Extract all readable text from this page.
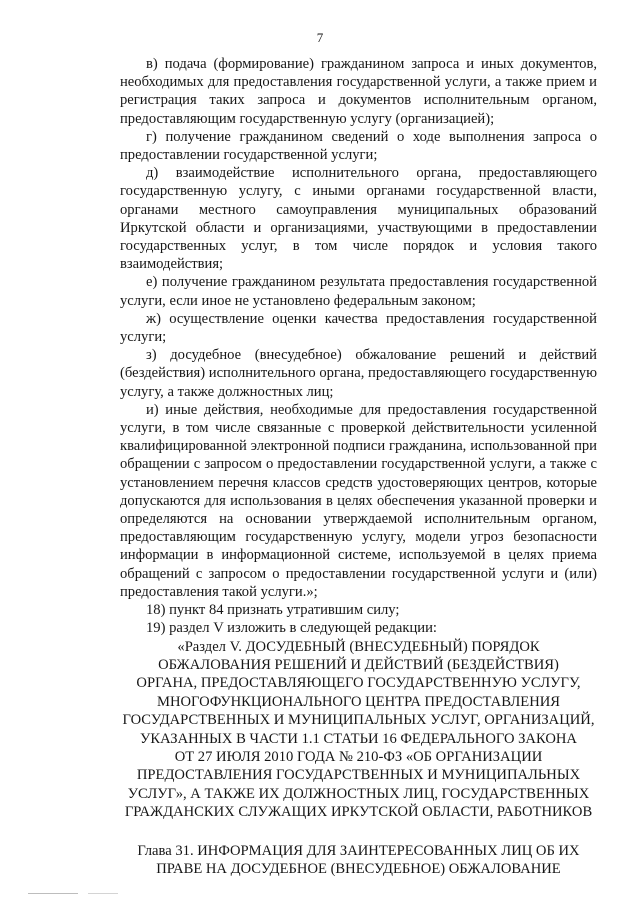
7

в) подача (формирование) гражданином запроса и иных документов, необходимых для предоставления государственной услуги, а также прием и регистрация таких запроса и документов исполнительным органом, предоставляющим государственную услугу (организацией);

г) получение гражданином сведений о ходе выполнения запроса о предоставлении государственной услуги;

д) взаимодействие исполнительного органа, предоставляющего государственную услугу, с иными органами государственной власти, органами местного самоуправления муниципальных образований Иркутской области и организациями, участвующими в предоставлении государственных услуг, в том числе порядок и условия такого взаимодействия;

е) получение гражданином результата предоставления государственной услуги, если иное не установлено федеральным законом;

ж) осуществление оценки качества предоставления государственной услуги;

з) досудебное (внесудебное) обжалование решений и действий (бездействия) исполнительного органа, предоставляющего государственную услугу, а также должностных лиц;

и) иные действия, необходимые для предоставления государственной услуги, в том числе связанные с проверкой действительности усиленной квалифицированной электронной подписи гражданина, использованной при обращении с запросом о предоставлении государственной услуги, а также с установлением перечня классов средств удостоверяющих центров, которые допускаются для использования в целях обеспечения указанной проверки и определяются на основании утверждаемой исполнительным органом, предоставляющим государственную услугу, модели угроз безопасности информации в информационной системе, используемой в целях приема обращений с запросом о предоставлении государственной услуги и (или) предоставления такой услуги.»;

18) пункт 84 признать утратившим силу;

19) раздел V изложить в следующей редакции:

«Раздел V. ДОСУДЕБНЫЙ (ВНЕСУДЕБНЫЙ) ПОРЯДОК

ОБЖАЛОВАНИЯ РЕШЕНИЙ И ДЕЙСТВИЙ (БЕЗДЕЙСТВИЯ)

ОРГАНА, ПРЕДОСТАВЛЯЮЩЕГО ГОСУДАРСТВЕННУЮ УСЛУГУ,

МНОГОФУНКЦИОНАЛЬНОГО ЦЕНТРА ПРЕДОСТАВЛЕНИЯ

ГОСУДАРСТВЕННЫХ И МУНИЦИПАЛЬНЫХ УСЛУГ, ОРГАНИЗАЦИЙ,

УКАЗАННЫХ В ЧАСТИ 1.1 СТАТЬИ 16 ФЕДЕРАЛЬНОГО ЗАКОНА

ОТ 27 ИЮЛЯ 2010 ГОДА № 210-ФЗ «ОБ ОРГАНИЗАЦИИ

ПРЕДОСТАВЛЕНИЯ ГОСУДАРСТВЕННЫХ И МУНИЦИПАЛЬНЫХ

УСЛУГ», А ТАКЖЕ ИХ ДОЛЖНОСТНЫХ ЛИЦ, ГОСУДАРСТВЕННЫХ

ГРАЖДАНСКИХ СЛУЖАЩИХ ИРКУТСКОЙ ОБЛАСТИ, РАБОТНИКОВ

Глава 31. ИНФОРМАЦИЯ ДЛЯ ЗАИНТЕРЕСОВАННЫХ ЛИЦ ОБ ИХ

ПРАВЕ НА ДОСУДЕБНОЕ (ВНЕСУДЕБНОЕ) ОБЖАЛОВАНИЕ
